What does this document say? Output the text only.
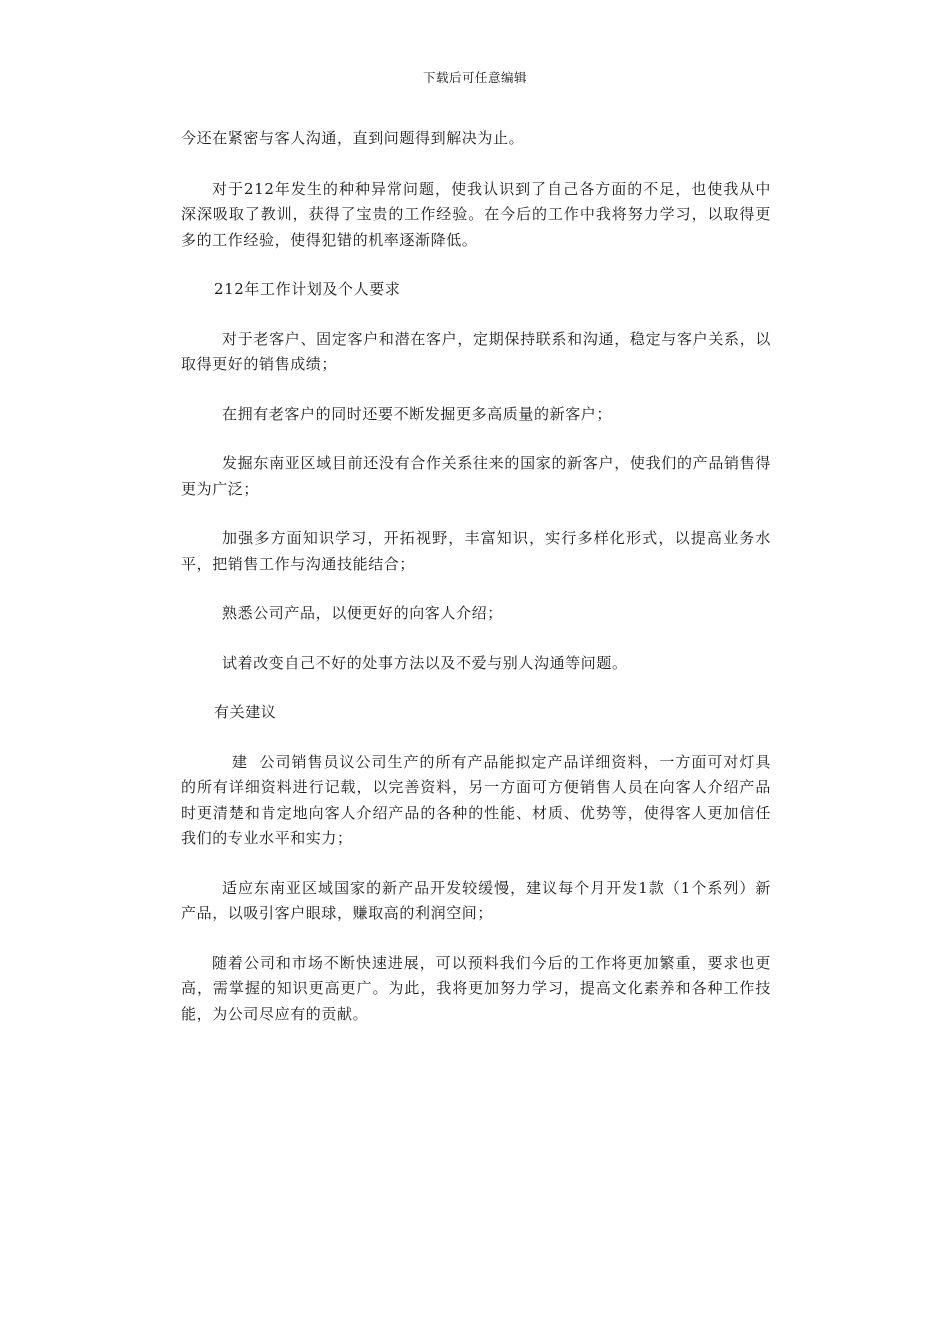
下载后可任意编辑

今还在紧密与客人沟通，直到问题得到解决为止。

对于212年发生的种种异常问题，使我认识到了自己各方面的不足，也使我从中深深吸取了教训，获得了宝贵的工作经验。在今后的工作中我将努力学习，以取得更多的工作经验，使得犯错的机率逐渐降低。

212年工作计划及个人要求

对于老客户、固定客户和潜在客户，定期保持联系和沟通，稳定与客户关系，以取得更好的销售成绩；

在拥有老客户的同时还要不断发掘更多高质量的新客户；

发掘东南亚区域目前还没有合作关系往来的国家的新客户，使我们的产品销售得更为广泛；

加强多方面知识学习，开拓视野，丰富知识，实行多样化形式，以提高业务水平，把销售工作与沟通技能结合；

熟悉公司产品，以便更好的向客人介绍；

试着改变自己不好的处事方法以及不爱与别人沟通等问题。

有关建议

建  公司销售员议公司生产的所有产品能拟定产品详细资料，一方面可对灯具的所有详细资料进行记载，以完善资料，另一方面可方便销售人员在向客人介绍产品时更清楚和肯定地向客人介绍产品的各种的性能、材质、优势等，使得客人更加信任我们的专业水平和实力；

适应东南亚区域国家的新产品开发较缓慢，建议每个月开发1款（1个系列）新产品，以吸引客户眼球，赚取高的利润空间；

随着公司和市场不断快速进展，可以预料我们今后的工作将更加繁重，要求也更高，需掌握的知识更高更广。为此，我将更加努力学习，提高文化素养和各种工作技能，为公司尽应有的贡献。
